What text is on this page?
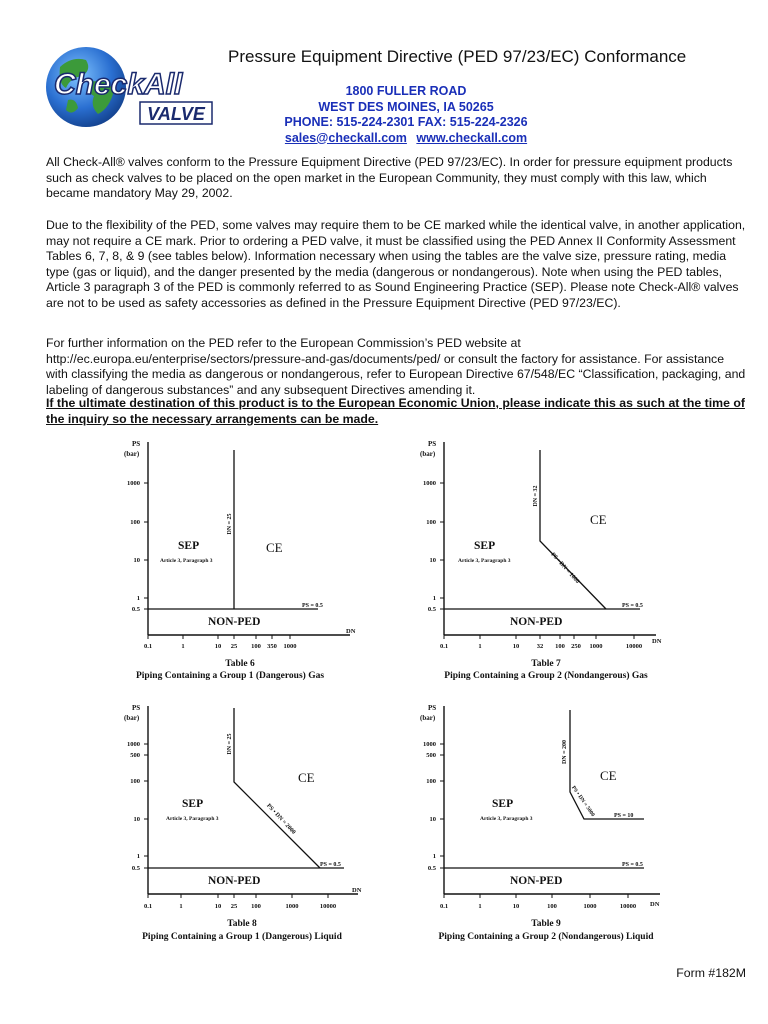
Check All
VALVE
Pressure Equipment Directive (PED 97/23/EC) Conformance
1800 FULLER ROAD
WEST DES MOINES, IA 50265
PHONE: 515-224-2301 FAX: 515-224-2326
sales@checkall.com www.checkall.com
All Check-All® valves conform to the Pressure Equipment Directive (PED 97/23/EC). In order for pressure equipment products such as check valves to be placed on the open market in the European Community, they must comply with this law, which became mandatory May 29, 2002.
Due to the flexibility of the PED, some valves may require them to be CE marked while the identical valve, in another application, may not require a CE mark. Prior to ordering a PED valve, it must be classified using the PED Annex II Conformity Assessment Tables 6, 7, 8, & 9 (see tables below). Information necessary when using the tables are the valve size, pressure rating, media type (gas or liquid), and the danger presented by the media (dangerous or nondangerous). Note when using the PED tables, Article 3 paragraph 3 of the PED is commonly referred to as Sound Engineering Practice (SEP). Please note Check-All® valves are not to be used as safety accessories as defined in the Pressure Equipment Directive (PED 97/23/EC).
For further information on the PED refer to the European Commission’s PED website at http://ec.europa.eu/enterprise/sectors/pressure-and-gas/documents/ped/ or consult the factory for assistance. For assistance with classifying the media as dangerous or nondangerous, refer to European Directive 67/548/EC “Classification, packaging, and labeling of dangerous substances” and any subsequent Directives amending it.
If the ultimate destination of this product is to the European Economic Union, please indicate this as such at the time of the inquiry so the necessary arrangements can be made.
PS
(bar)
1000
100
10
1
0.5
0.1	1	10 25 100 350 1000
DN
DN = 25
PS = 0.5
SEP
Article 3, Paragraph 3
NON-PED
CE
Table 6
Piping Containing a Group 1 (Dangerous) Gas
PS
(bar)
1000
100
10
1
0.5
0.1	1	10	32 100 250 1000	10000
DN
DN = 32
PS • DN = 1000
PS = 0.5
SEP
Article 3, Paragraph 3
NON-PED
CE
Table 7
Piping Containing a Group 2 (Nondangerous) Gas
PS
(bar)
1000
500
100
10
1
0.5
0.1	1	10 25 100	1000	10000
DN
DN = 25
PS • DN = 2000
PS = 0.5
SEP
Article 3, Paragraph 3
NON-PED
CE
Table 8
Piping Containing a Group 1 (Dangerous) Liquid
PS
(bar)
1000
500
100
10
1
0.5
0.1	1	10	100	1000	10000 DN
DN = 200
PS • DN = 5000	PS = 10
PS = 0.5
SEP
Article 3, Paragraph 3
NON-PED
CE
Table 9
Piping Containing a Group 2 (Nondangerous) Liquid
Form #182M
